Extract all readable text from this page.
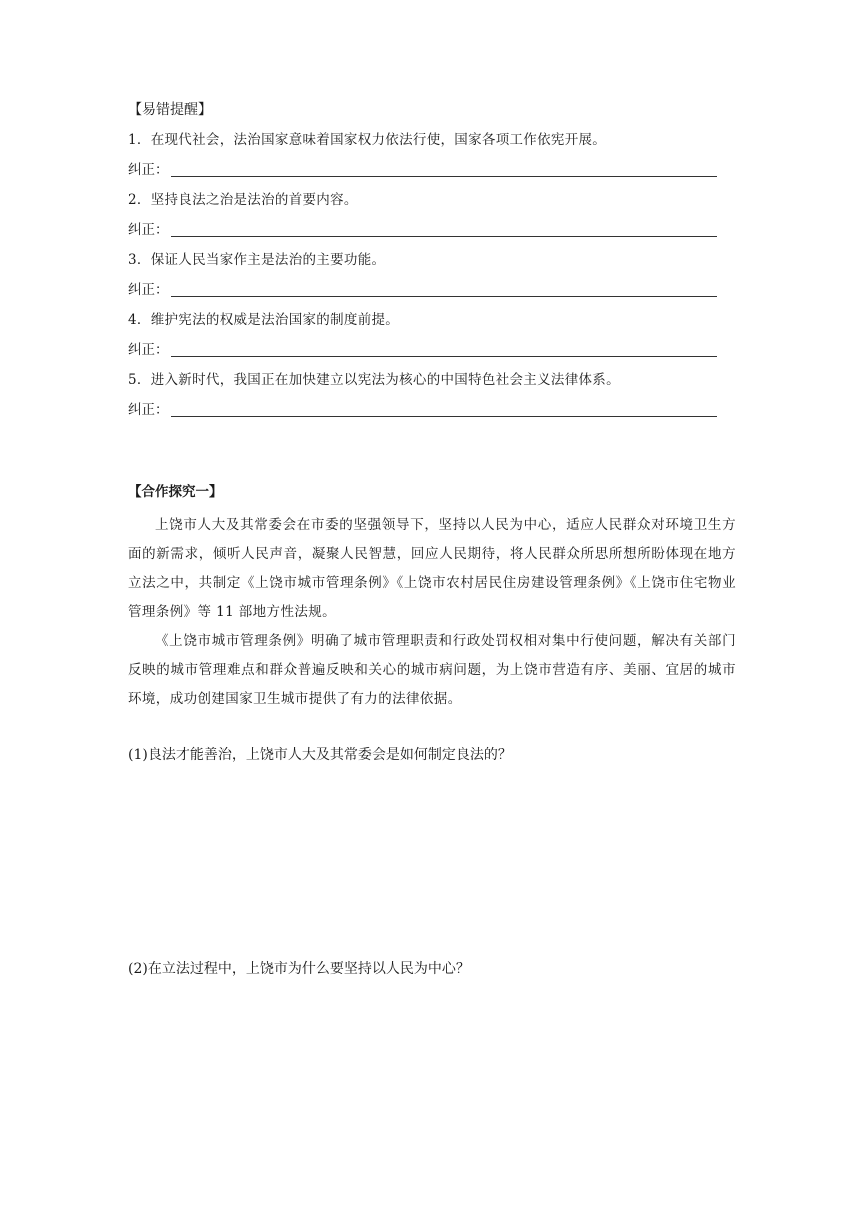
【易错提醒】

1．在现代社会，法治国家意味着国家权力依法行使，国家各项工作依宪开展。

纠正：

2．坚持良法之治是法治的首要内容。

纠正：

3．保证人民当家作主是法治的主要功能。

纠正：

4．维护宪法的权威是法治国家的制度前提。

纠正：

5．进入新时代，我国正在加快建立以宪法为核心的中国特色社会主义法律体系。

纠正：

【合作探究一】

上饶市人大及其常委会在市委的坚强领导下，坚持以人民为中心，适应人民群众对环境卫生方面的新需求，倾听人民声音，凝聚人民智慧，回应人民期待，将人民群众所思所想所盼体现在地方立法之中，共制定《上饶市城市管理条例》《上饶市农村居民住房建设管理条例》《上饶市住宅物业管理条例》等 11 部地方性法规。

《上饶市城市管理条例》明确了城市管理职责和行政处罚权相对集中行使问题，解决有关部门反映的城市管理难点和群众普遍反映和关心的城市病问题，为上饶市营造有序、美丽、宜居的城市环境，成功创建国家卫生城市提供了有力的法律依据。

(1)良法才能善治，上饶市人大及其常委会是如何制定良法的？

(2)在立法过程中，上饶市为什么要坚持以人民为中心？
